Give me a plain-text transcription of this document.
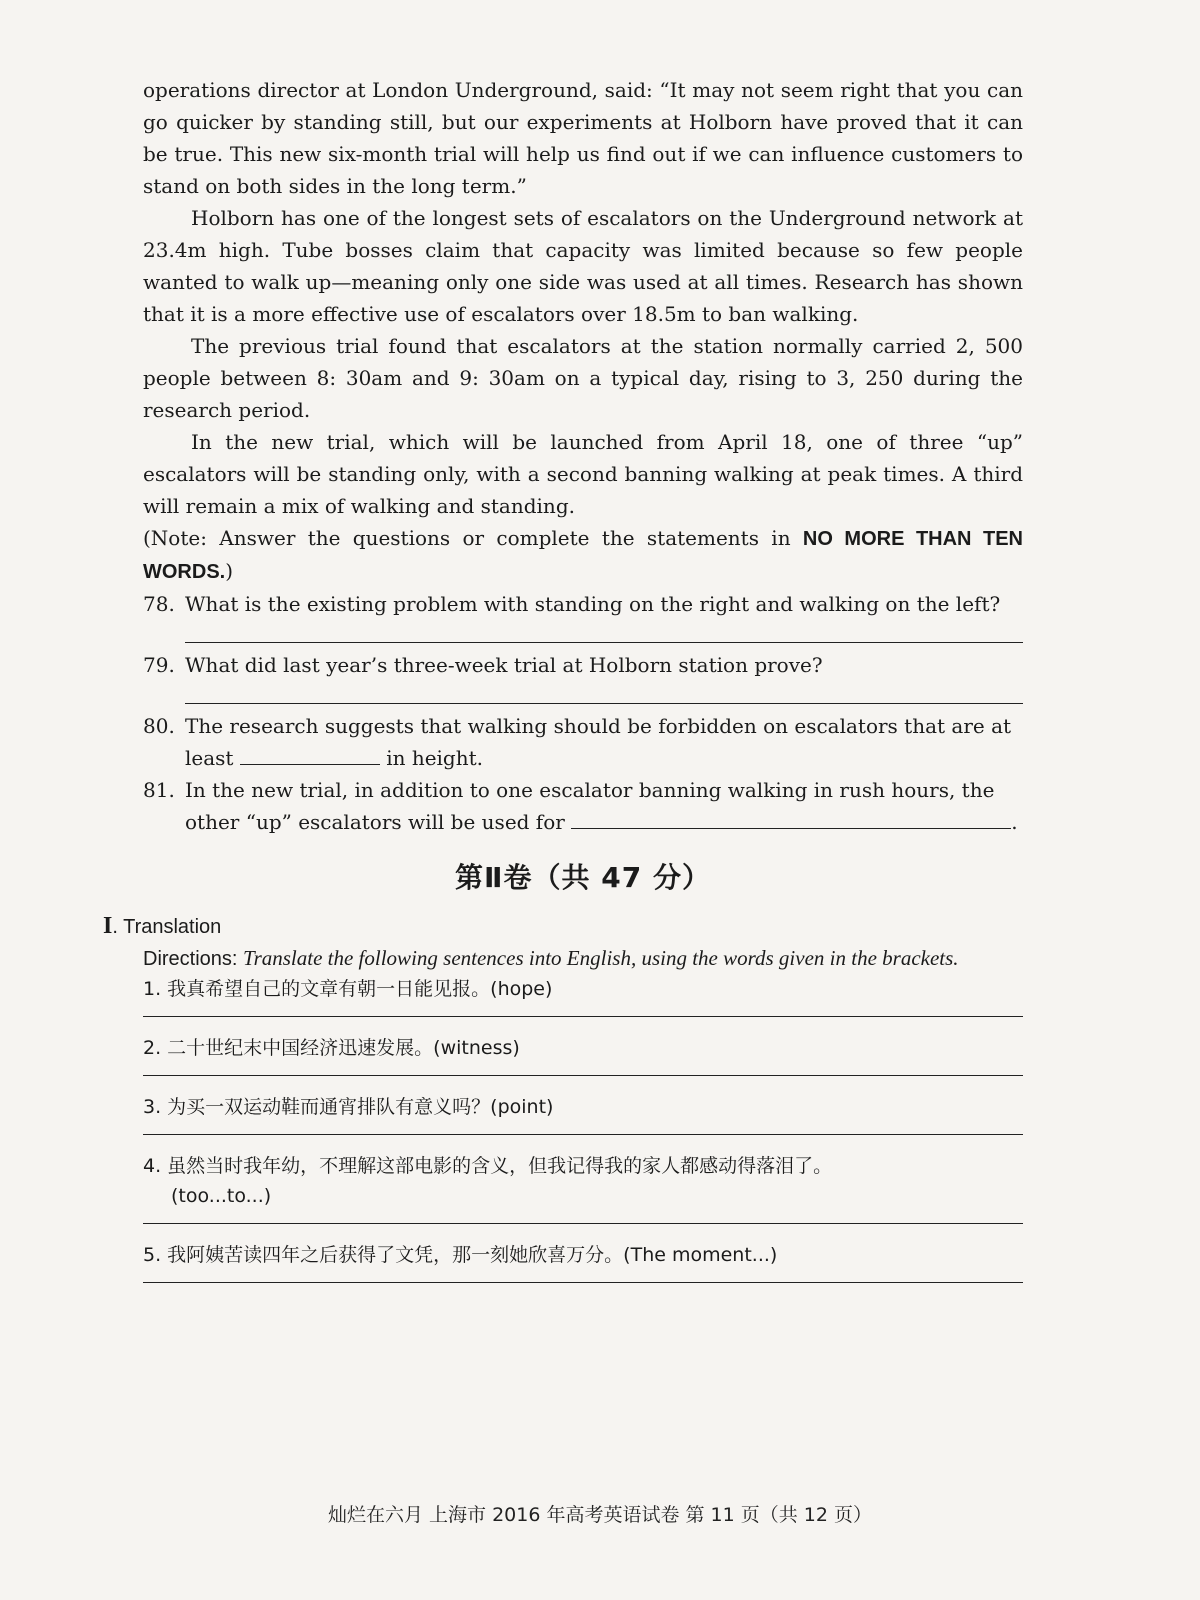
operations director at London Underground, said: “It may not seem right that you can go quicker by standing still, but our experiments at Holborn have proved that it can be true. This new six-month trial will help us find out if we can influence customers to stand on both sides in the long term.”

Holborn has one of the longest sets of escalators on the Underground network at 23.4m high. Tube bosses claim that capacity was limited because so few people wanted to walk up—meaning only one side was used at all times. Research has shown that it is a more effective use of escalators over 18.5m to ban walking.

The previous trial found that escalators at the station normally carried 2, 500 people between 8: 30am and 9: 30am on a typical day, rising to 3, 250 during the research period.

In the new trial, which will be launched from April 18, one of three “up” escalators will be standing only, with a second banning walking at peak times. A third will remain a mix of walking and standing.

(Note: Answer the questions or complete the statements in NO MORE THAN TEN WORDS.)

78. What is the existing problem with standing on the right and walking on the left?

79. What did last year’s three-week trial at Holborn station prove?

80. The research suggests that walking should be forbidden on escalators that are at least	in height.

81. In the new trial, in addition to one escalator banning walking in rush hours, the other “up” escalators will be used for	.

第Ⅱ卷（共 47 分）

I. Translation

Directions: Translate the following sentences into English, using the words given in the brackets.

1. 我真希望自己的文章有朝一日能见报。(hope)

2. 二十世纪末中国经济迅速发展。(witness)

3. 为买一双运动鞋而通宵排队有意义吗？(point)

4. 虽然当时我年幼，不理解这部电影的含义，但我记得我的家人都感动得落泪了。

(too...to...)

5. 我阿姨苦读四年之后获得了文凭，那一刻她欣喜万分。(The moment...)

灿烂在六月 上海市 2016 年高考英语试卷 第 11 页（共 12 页）
